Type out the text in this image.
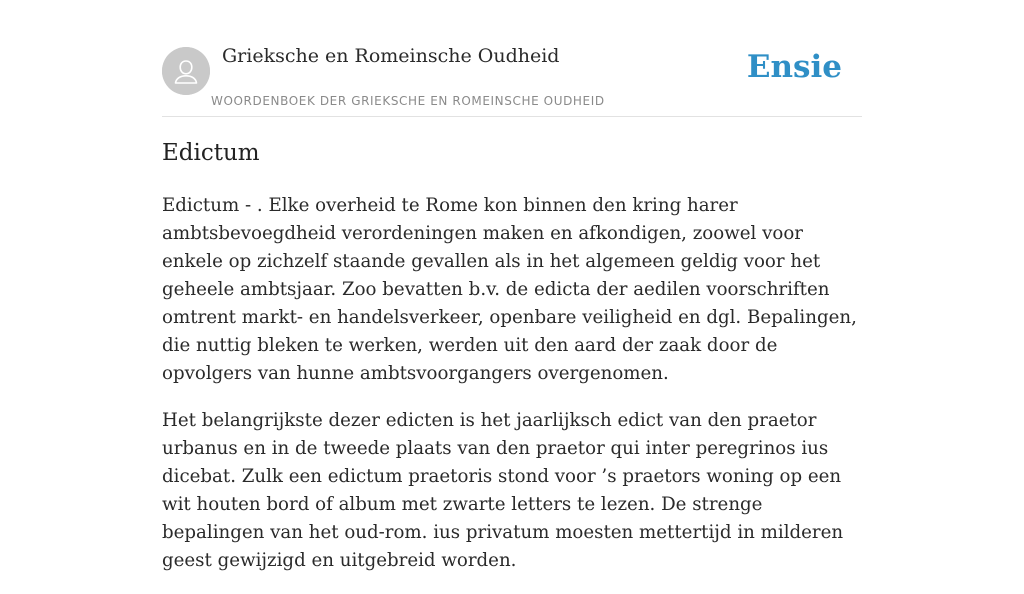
Grieksche en Romeinsche Oudheid
WOORDENBOEK DER GRIEKSCHE EN ROMEINSCHE OUDHEID
Ensie
Edictum

Edictum - . Elke overheid te Rome kon binnen den kring harer ambtsbevoegdheid verordeningen maken en afkondigen, zoowel voor enkele op zichzelf staande gevallen als in het algemeen geldig voor het geheele ambtsjaar. Zoo bevatten b.v. de edicta der aedilen voorschriften omtrent markt- en handelsverkeer, openbare veiligheid en dgl. Bepalingen, die nuttig bleken te werken, werden uit den aard der zaak door de opvolgers van hunne ambtsvoorgangers overgenomen.

Het belangrijkste dezer edicten is het jaarlijksch edict van den praetor urbanus en in de tweede plaats van den praetor qui inter peregrinos ius dicebat. Zulk een edictum praetoris stond voor ’s praetors woning op een wit houten bord of album met zwarte letters te lezen. De strenge bepalingen van het oud-rom. ius privatum moesten mettertijd in milderen geest gewijzigd en uitgebreid worden.
